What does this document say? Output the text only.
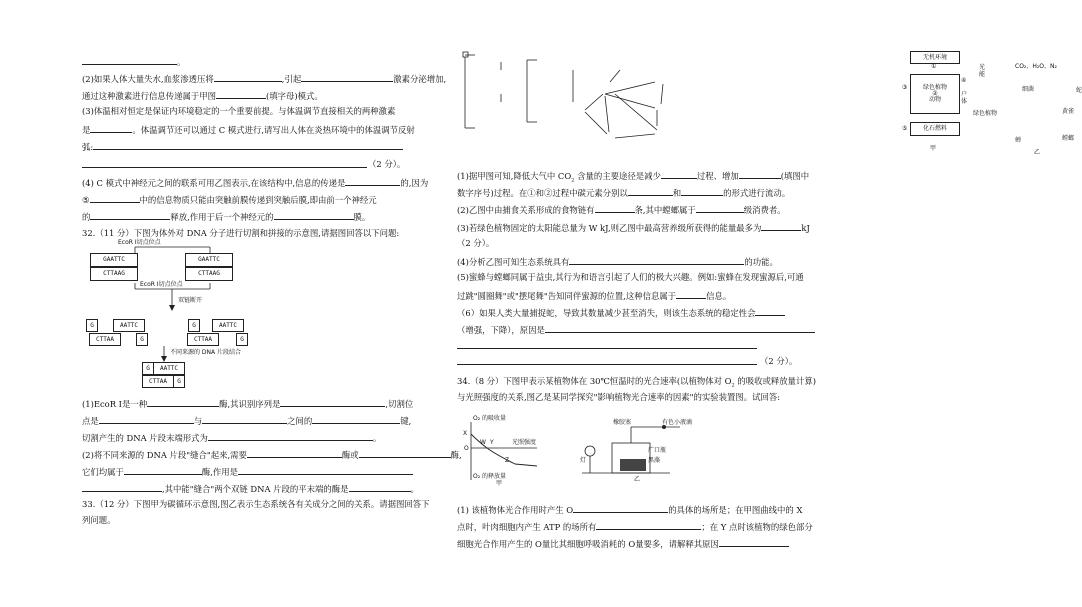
。
(2)如果人体大量失水,血浆渗透压将	,引起	激素分泌增加,
通过这种激素进行信息传递属于甲图	(填字母)模式。
(3)体温相对恒定是保证内环境稳定的一个重要前提。与体温调节直接相关的两种激素
是	。体温调节还可以通过 C 模式进行,请写出人体在炎热环境中的体温调节反射
弧:
（2 分）。
(4) C 模式中神经元之间的联系可用乙图表示,在该结构中,信息的传递是	的,因为
⑤	中的信息物质只能由突触前膜传递到突触后膜,即由前一个神经元
的	释放,作用于后一个神经元的	膜。
32.（11 分）下图为体外对 DNA 分子进行切割和拼接的示意图,请据图回答以下问题:
EcoR Ⅰ切点位点
GAATTC
CTTAAG
GAATTC
CTTAAG
EcoR Ⅰ切点位点
双链断开
G	AATTC
CTTAA	G
G	AATTC
CTTAA	G
不同来源的 DNA 片段结合
G	AATTC
CTTAA	G
(1)EcoR Ⅰ是一种	酶,其识别序列是	,切割位
点是	与	之间的	键,
切割产生的 DNA 片段末端形式为	。
(2)将不同来源的 DNA 片段"缝合"起来,需要	酶或	酶,
它们均属于	酶,作用是
,其中能"缝合"两个双链 DNA 片段的平末端的酶是	。
33.（12 分）下图甲为碳循环示意图,图乙表示生态系统各有关成分之间的关系。请据图回答下
列问题。
无机环境
①
绿色植物
②
动物
③
④
户体
⑤	化石燃料
甲
光能
CO₂、H₂O、N₂
细菌
绿色植物
蛇
黄雀
螳螂
蝉
乙
(1)据甲图可知,降低大气中 $CO_2$ 含量的主要途径是减少	过程、增加	(填图中
数字序号)过程。在①和②过程中碳元素分别以	和	的形式进行流动。
(2)乙图中由捕食关系形成的食物链有	条,其中螳螂属于	级消费者。
(3)若绿色植物固定的太阳能总量为 W kJ,则乙图中最高营养级所获得的能量最多为	kJ
（2 分）。
(4)分析乙图可知生态系统具有	的功能。
(5)蜜蜂与螳螂同属于益虫,其行为和语言引起了人们的极大兴趣。例如:蜜蜂在发现蜜源后,可通
过跳"圆圈舞"或"摆尾舞"告知同伴蜜源的位置,这种信息属于	信息。
（6）如果人类大量捕捉蛇，导致其数量减少甚至消失，则该生态系统的稳定性会
（增强，下降），原因是
（2 分）。
34.（8 分）下图甲表示某植物体在 30℃恒温时的光合速率(以植物体对 $O_2$ 的吸收或释放量计算)
与光照强度的关系,图乙是某同学探究"影响植物光合速率的因素"的实验装置图。试回答:
O₂ 的吸收量
X
W Y	光照强度
O
Z
O₂ 的释放量
甲
橡胶塞	有色小液滴
灯
广口瓶
黑藻
乙
(1) 该植物体光合作用时产生 O	的具体的场所是；在甲图曲线中的 X
点时，叶肉细胞内产生 ATP 的场所有	；在 Y 点时该植物的绿色部分
细胞光合作用产生的 O量比其细胞呼吸消耗的 O量要多，请解释其原因
